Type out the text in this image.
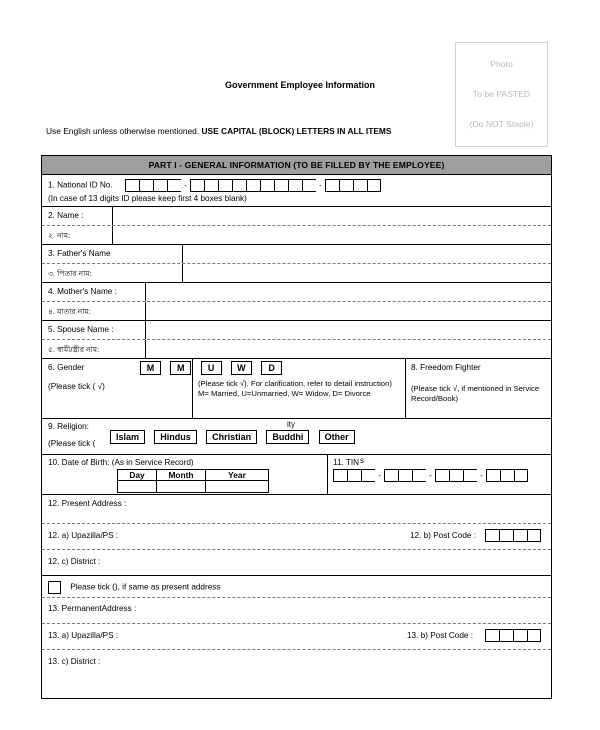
Photo
To be PASTED
(Do NOT Staple)
Government Employee Information
Use English unless otherwise mentioned. USE CAPITAL (BLOCK) LETTERS IN ALL ITEMS
PART I - GENERAL INFORMATION (TO BE FILLED BY THE EMPLOYEE)
1. National ID No.	-	-
(In case of 13 digits ID please keep first 4 boxes blank)
2. Name :
২. নাম:
3. Father's Name
৩. পিতার নাম:
4. Mother's Name :
৪. মাতার নাম:
5. Spouse Name :
৫. স্বামী/স্ত্রীর নাম:
6. Gender
(Please tick ( √)
M	M	U	W	D
(Please tick √). For clarification, refer to detail instruction)
M= Married, U=Unmarried, W= Widow, D= Divorce
8. Freedom Fighter
(Please tick √, if mentioned in Service Record/Book)
9. Religion:
(Please tick (
Islam Hindus Christian Buddhi Other
ity
10. Date of Birth: (As in Service Record)
Day	Month	Year
11. TIN s
-	-	-
12. Present Address :
12. a) Upazilla/PS :	12. b) Post Code :
12. c) District :
Please tick (), if same as present address
13. PermanentAddress :
13. a) Upazilla/PS :	13. b) Post Code :
13. c) District :
